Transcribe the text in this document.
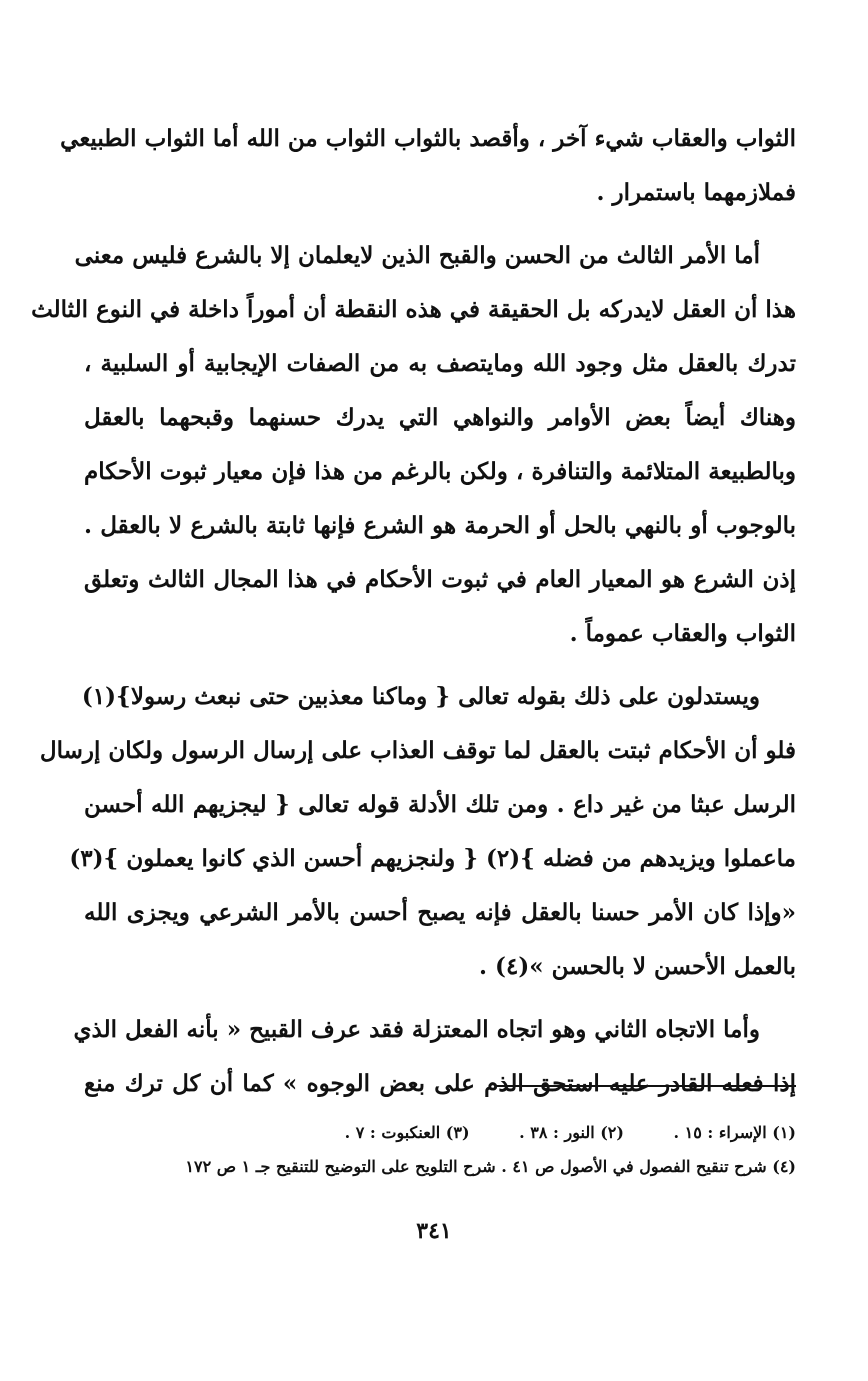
الثواب والعقاب شيء آخر ، وأقصد بالثواب الثواب من الله أما الثواب الطبيعي
فملازمهما باستمرار .
أما الأمر الثالث من الحسن والقبح الذين لايعلمان إلا بالشرع فليس معنى
هذا أن العقل لايدركه بل الحقيقة في هذه النقطة أن أموراً داخلة في النوع الثالث
تدرك بالعقل مثل وجود الله ومايتصف به من الصفات الإيجابية أو السلبية ،
وهناك أيضاً بعض الأوامر والنواهي التي يدرك حسنهما وقبحهما بالعقل
وبالطبيعة المتلائمة والتنافرة ، ولكن بالرغم من هذا فإن معيار ثبوت الأحكام
بالوجوب أو بالنهي بالحل أو الحرمة هو الشرع فإنها ثابتة بالشرع لا بالعقل .
إذن الشرع هو المعيار العام في ثبوت الأحكام في هذا المجال الثالث وتعلق
الثواب والعقاب عموماً .
ويستدلون على ذلك بقوله تعالى { وماكنا معذبين حتى نبعث رسولا}(١)
فلو أن الأحكام ثبتت بالعقل لما توقف العذاب على إرسال الرسول ولكان إرسال
الرسل عبثا من غير داع . ومن تلك الأدلة قوله تعالى { ليجزيهم الله أحسن
ماعملوا ويزيدهم من فضله }(٢) { ولنجزيهم أحسن الذي كانوا يعملون }(٣)
«وإذا كان الأمر حسنا بالعقل فإنه يصبح أحسن بالأمر الشرعي ويجزى الله
بالعمل الأحسن لا بالحسن »(٤) .
وأما الاتجاه الثاني وهو اتجاه المعتزلة فقد عرف القبيح « بأنه الفعل الذي
إذا فعله القادر عليه استحق الذم على بعض الوجوه » كما أن كل ترك منع
(١) الإسراء : ١٥ . (٢) النور : ٣٨ . (٣) العنكبوت : ٧ .
(٤) شرح تنقيح الفصول في الأصول ص ٤١ . شرح التلويح على التوضيح للتنقيح جـ ١ ص ١٧٢
٣٤١
